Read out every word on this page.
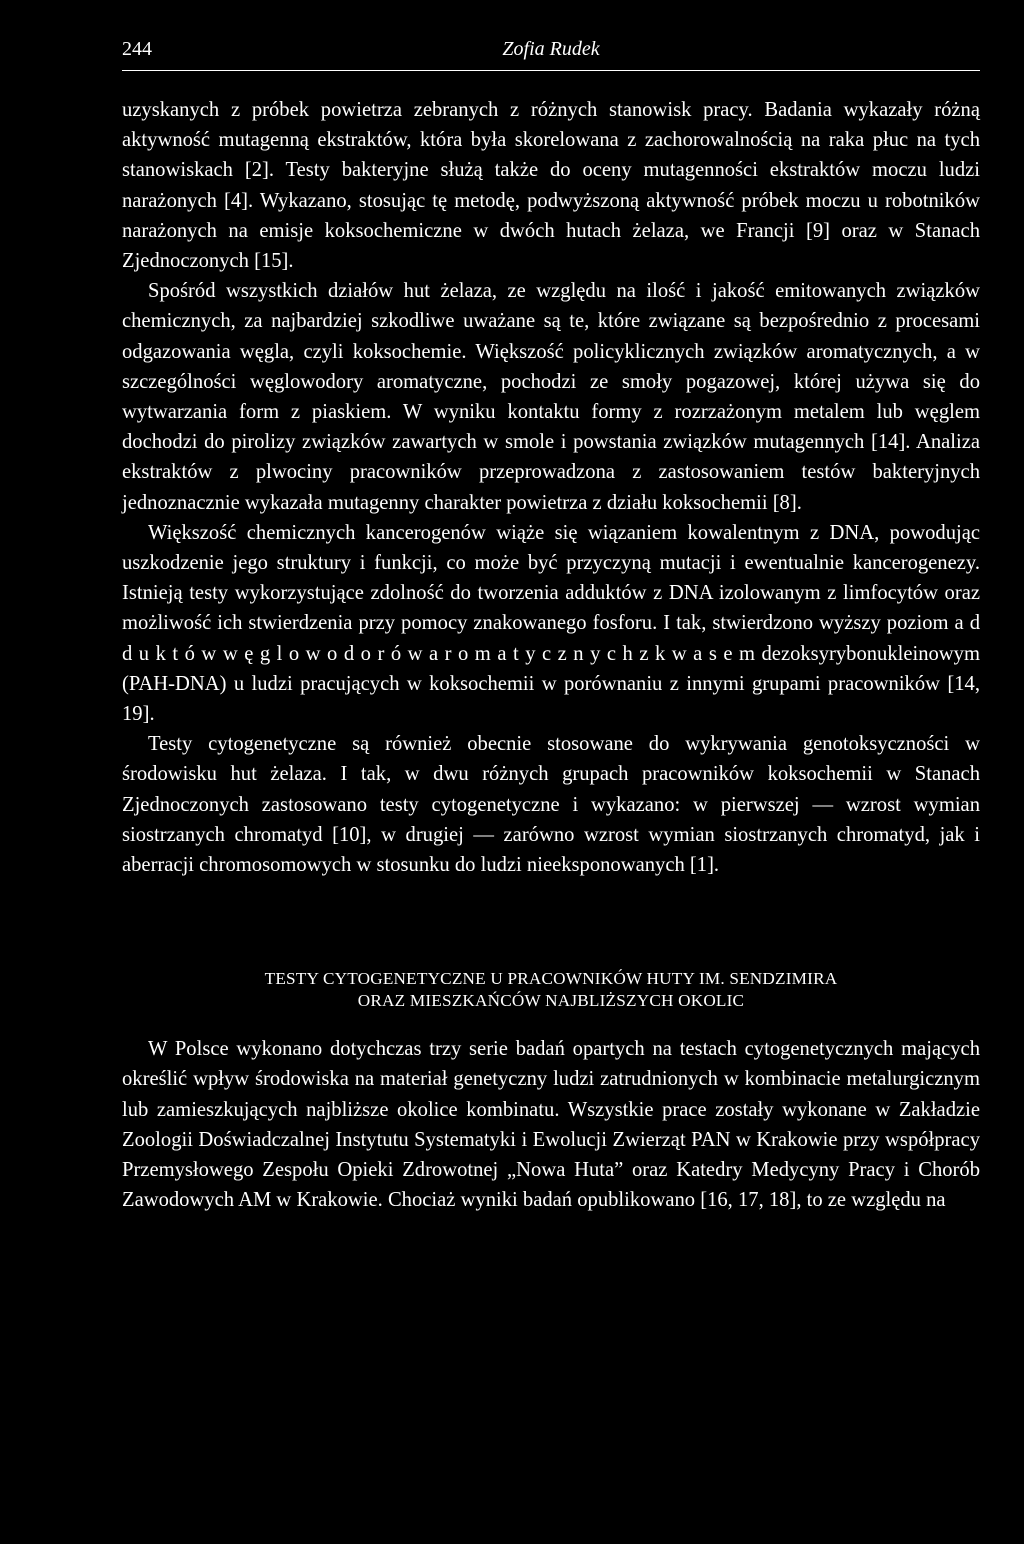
244	Zofia Rudek

uzyskanych z próbek powietrza zebranych z różnych stanowisk pracy. Badania wykazały różną aktywność mutagenną ekstraktów, która była skorelowana z zachorowalnością na raka płuc na tych stanowiskach [2]. Testy bakteryjne służą także do oceny mutagenności ekstraktów moczu ludzi narażonych [4]. Wykazano, stosując tę metodę, podwyższoną aktywność próbek moczu u robotników narażonych na emisje koksochemiczne w dwóch hutach żelaza, we Francji [9] oraz w Stanach Zjednoczonych [15].

Spośród wszystkich działów hut żelaza, ze względu na ilość i jakość emitowanych związków chemicznych, za najbardziej szkodliwe uważane są te, które związane są bezpośrednio z procesami odgazowania węgla, czyli koksochemie. Większość policyklicznych związków aromatycznych, a w szczególności węglowodory aromatyczne, pochodzi ze smoły pogazowej, której używa się do wytwarzania form z piaskiem. W wyniku kontaktu formy z rozrzażonym metalem lub węglem dochodzi do pirolizy związków zawartych w smole i powstania związków mutagennych [14]. Analiza ekstraktów z plwociny pracowników przeprowadzona z zastosowaniem testów bakteryjnych jednoznacznie wykazała mutagenny charakter powietrza z działu koksochemii [8].

Większość chemicznych kancerogenów wiąże się wiązaniem kowalentnym z DNA, powodując uszkodzenie jego struktury i funkcji, co może być przyczyną mutacji i ewentualnie kancerogenezy. Istnieją testy wykorzystujące zdolność do tworzenia adduktów z DNA izolowanym z limfocytów oraz możliwość ich stwierdzenia przy pomocy znakowanego fosforu. I tak, stwierdzono wyższy poziom a d d u k t ó w w ę g l o w o d o r ó w a r o m a t y c z n y c h z k w a s e m dezoksyrybonukleinowym (PAH-DNA) u ludzi pracujących w koksochemii w porównaniu z innymi grupami pracowników [14, 19].

Testy cytogenetyczne są również obecnie stosowane do wykrywania genotoksyczności w środowisku hut żelaza. I tak, w dwu różnych grupach pracowników koksochemii w Stanach Zjednoczonych zastosowano testy cytogenetyczne i wykazano: w pierwszej — wzrost wymian siostrzanych chromatyd [10], w drugiej — zarówno wzrost wymian siostrzanych chromatyd, jak i aberracji chromosomowych w stosunku do ludzi nieeksponowanych [1].

TESTY CYTOGENETYCZNE U PRACOWNIKÓW HUTY IM. SENDZIMIRA
ORAZ MIESZKAŃCÓW NAJBLIŻSZYCH OKOLIC

W Polsce wykonano dotychczas trzy serie badań opartych na testach cytogenetycznych mających określić wpływ środowiska na materiał genetyczny ludzi zatrudnionych w kombinacie metalurgicznym lub zamieszkujących najbliższe okolice kombinatu. Wszystkie prace zostały wykonane w Zakładzie Zoologii Doświadczalnej Instytutu Systematyki i Ewolucji Zwierząt PAN w Krakowie przy współpracy Przemysłowego Zespołu Opieki Zdrowotnej „Nowa Huta” oraz Katedry Medycyny Pracy i Chorób Zawodowych AM w Krakowie. Chociaż wyniki badań opublikowano [16, 17, 18], to ze względu na
